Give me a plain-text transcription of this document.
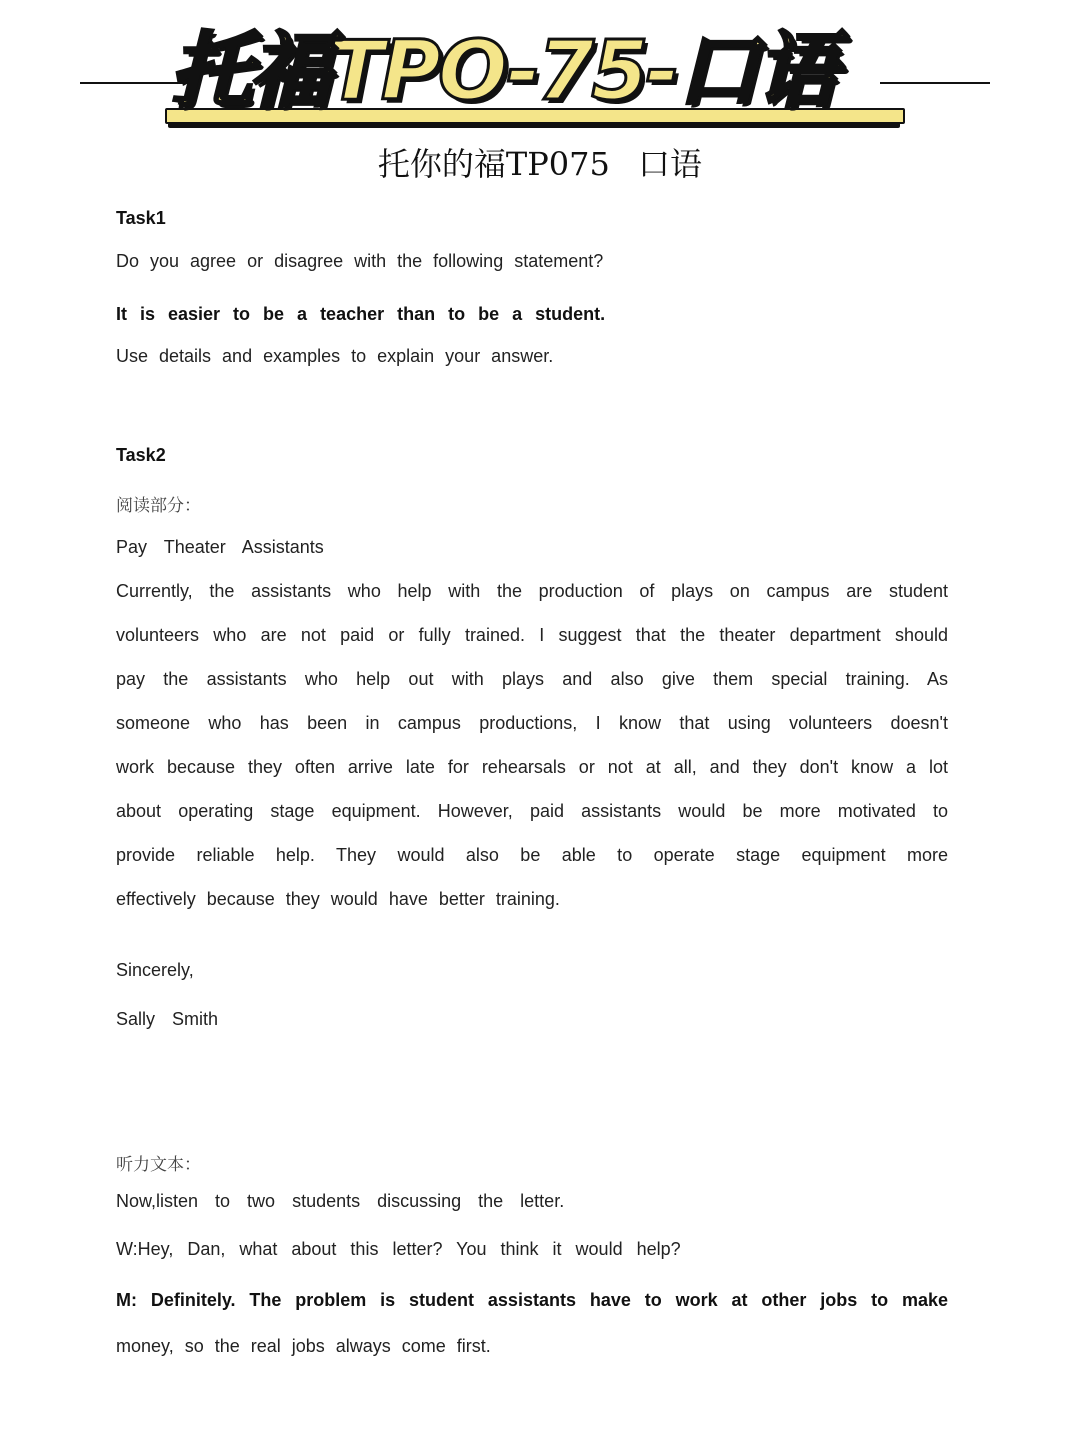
托福TPO-75-口语
托你的福TP075 口语
Task1
Do you agree or disagree with the following statement?
It is easier to be a teacher than to be a student.
Use details and examples to explain your answer.
Task2
阅读部分：
Pay Theater Assistants
Currently, the assistants who help with the production of plays on campus are student
volunteers who are not paid or fully trained. I suggest that the theater department should
pay the assistants who help out with plays and also give them special training. As
someone who has been in campus productions, I know that using volunteers doesn't
work because they often arrive late for rehearsals or not at all, and they don't know a lot
about operating stage equipment. However, paid assistants would be more motivated to
provide reliable help. They would also be able to operate stage equipment more
effectively because they would have better training.
Sincerely,
Sally Smith
听力文本：
Now,listen to two students discussing the letter.
W:Hey, Dan, what about this letter? You think it would help?
M: Definitely. The problem is student assistants have to work at other jobs to make
money, so the real jobs always come first.
